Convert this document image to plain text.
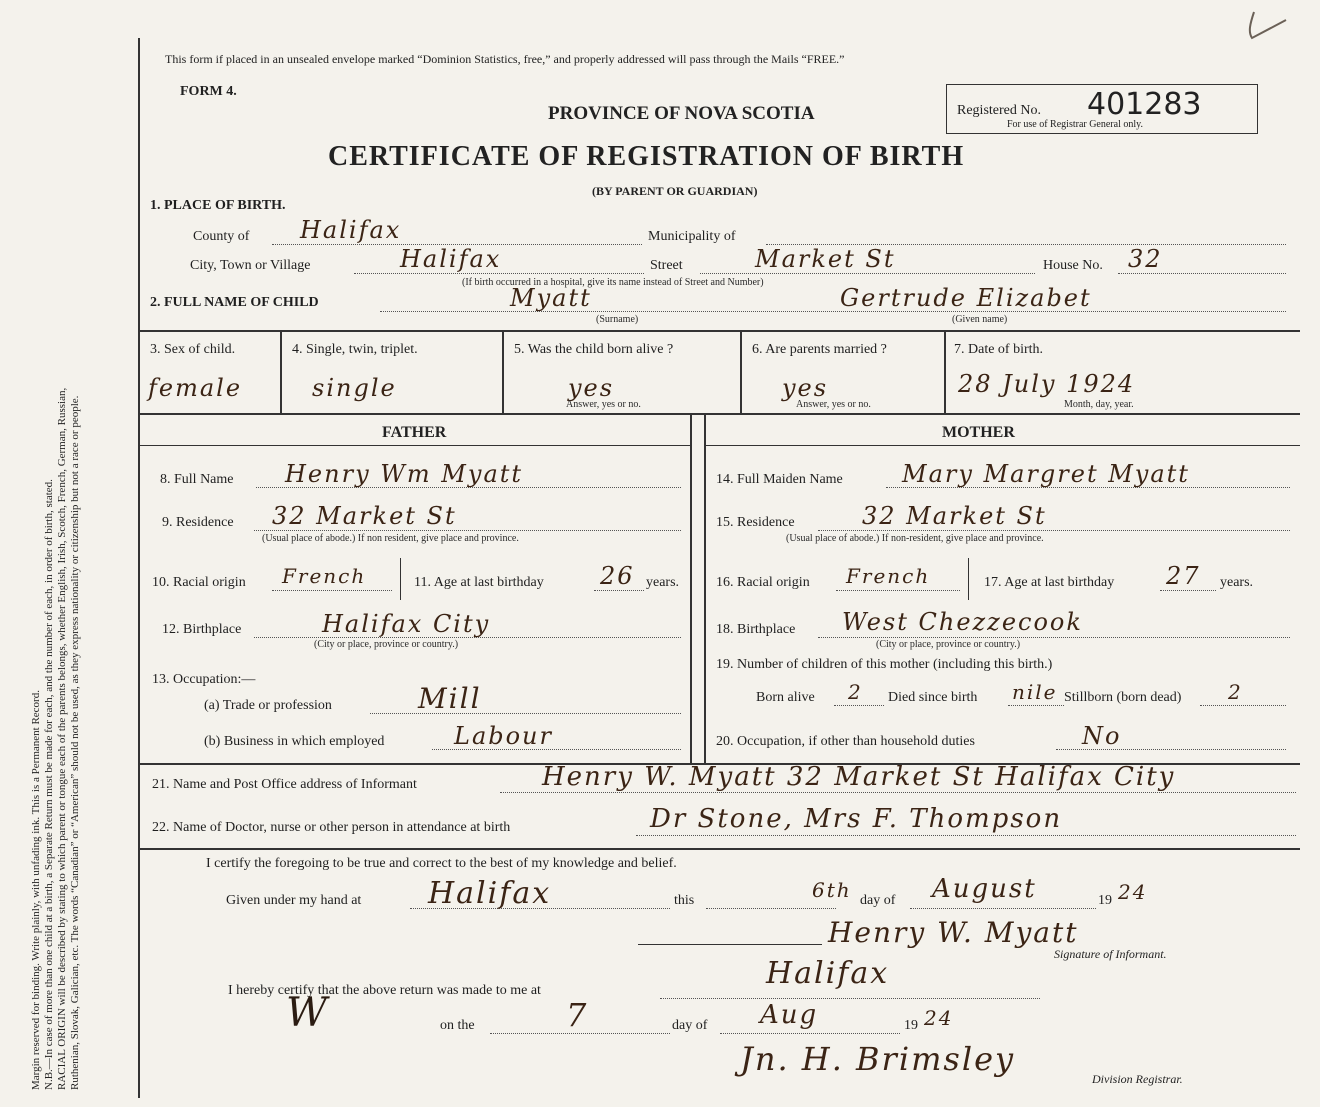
Margin reserved for binding. Write plainly, with unfading ink. This is a Permanent Record. N.B.—In case of more than one child at a birth, a Separate Return must be made for each, and the number of each, in order of birth, stated. RACIAL ORIGIN will be described by stating to which parent or tongue each of the parents belongs, whether English, Irish, Scotch, French, German, Russian, Ruthenian, Slovak, Galician, etc. The words “Canadian” or “American” should not be used, as they express nationality or citizenship but not a race or people.
This form if placed in an unsealed envelope marked “Dominion Statistics, free,” and properly addressed will pass through the Mails “FREE.”
FORM 4.
PROVINCE OF NOVA SCOTIA	Registered No. 401283
For use of Registrar General only.
CERTIFICATE OF REGISTRATION OF BIRTH
(BY PARENT OR GUARDIAN)
1. PLACE OF BIRTH.
County of Halifax	Municipality of
City, Town or Village	Halifax	Street	Market St	House No. 32
(If birth occurred in a hospital, give its name instead of Street and Number)
2. FULL NAME OF CHILD	Myatt
(Surname)
Gertrude Elizabet
(Given name)
3. Sex of child.
female
4. Single, twin, triplet.
single
5. Was the child born alive ?
yes
Answer, yes or no.
6. Are parents married ?
yes
Answer, yes or no.
7. Date of birth.
28 July 1924
Month, day, year.
FATHER	MOTHER
8. Full Name Henry Wm Myatt
9. Residence 32 Market St
(Usual place of abode.) If non resident, give place and province.
10. Racial origin French	11. Age at last birthday 26 years.
12. Birthplace	Halifax City
(City or place, province or country.)
13. Occupation:—
(a) Trade or profession	Mill
(b) Business in which employed	Labour
14. Full Maiden Name Mary Margret Myatt
15. Residence	32 Market St
(Usual place of abode.) If non-resident, give place and province.
16. Racial origin French	17. Age at last birthday 27 years.
18. Birthplace West Chezzecook
(City or place, province or country.)
19. Number of children of this mother (including this birth.)
Born alive 2 Died since birth nile Stillborn (born dead) 2
20. Occupation, if other than household duties	No
21. Name and Post Office address of Informant	Henry W. Myatt 32 Market St Halifax City
22. Name of Doctor, nurse or other person in attendance at birth	Dr Stone, Mrs F. Thompson
I certify the foregoing to be true and correct to the best of my knowledge and belief.
Given under my hand at Halifax	this	6th day of August	19 24
Henry W. Myatt
Signature of Informant.
I hereby certify that the above return was made to me at	Halifax
W	on the	7	day of Aug	19 24
Jn. H. Brimsley
Division Registrar.
